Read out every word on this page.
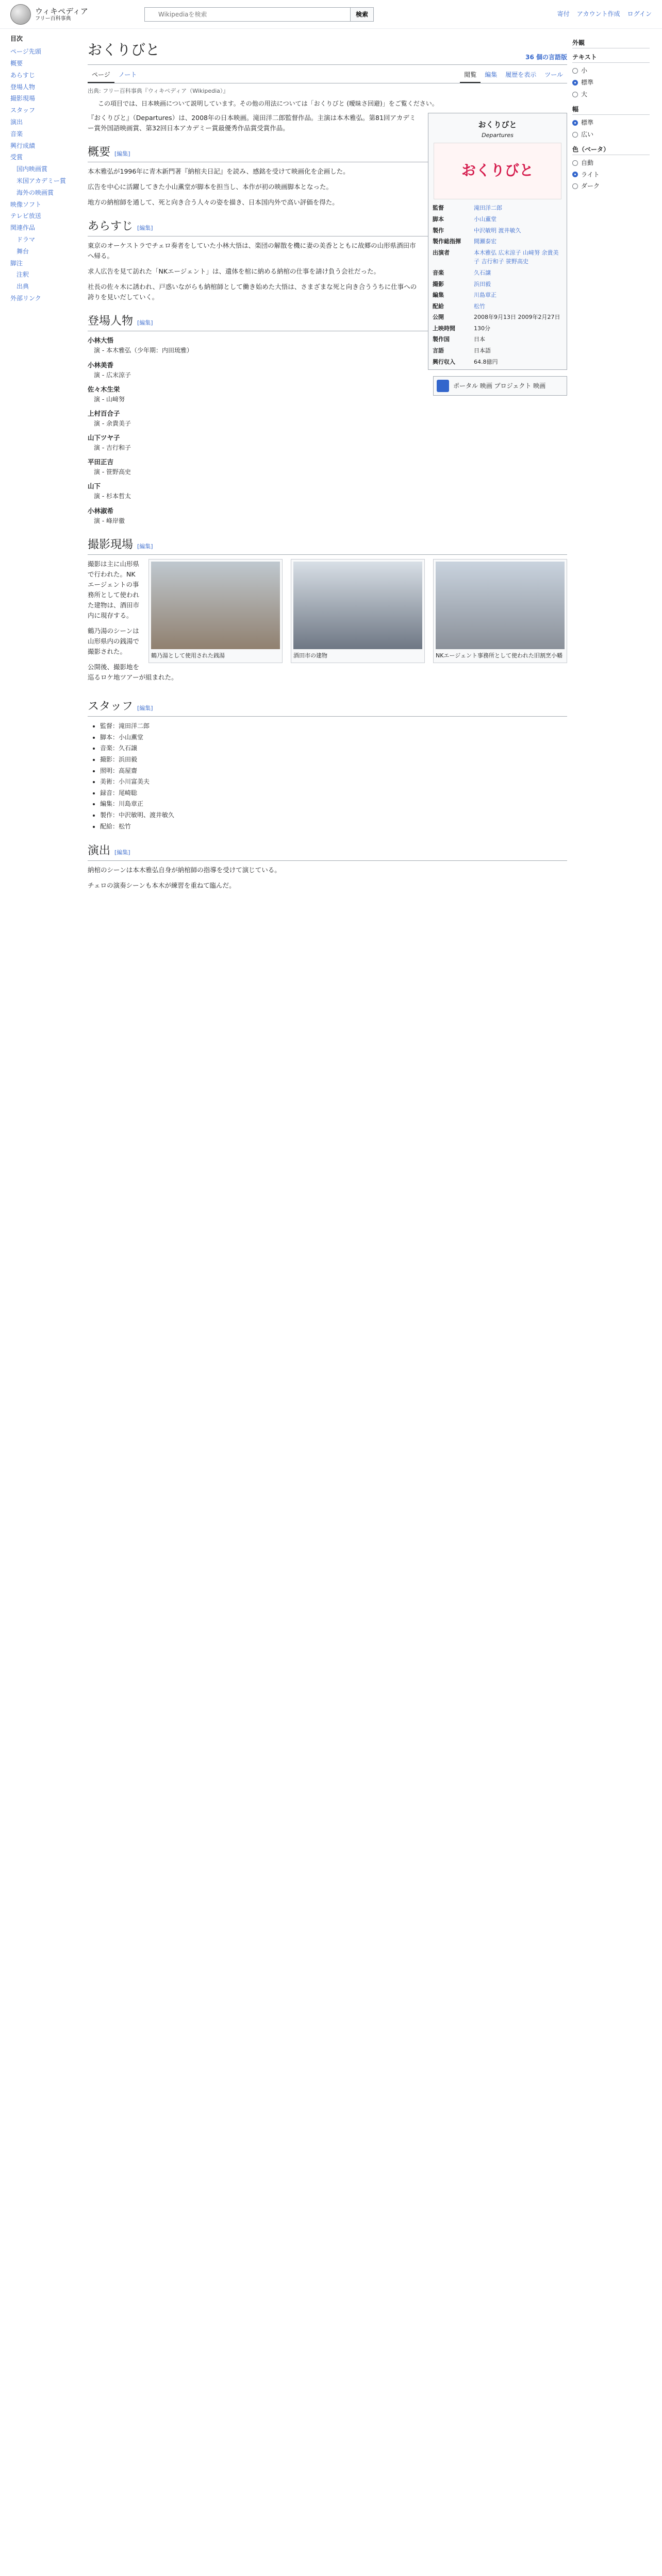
ウィキペディア
フリー百科事典
Wikipediaを検索
検索	寄付 アカウント作成 ログイン
目次
ページ先頭
概要
あらすじ
登場人物
撮影現場
スタッフ
演出
音楽
興行成績
受賞
国内映画賞
米国アカデミー賞
海外の映画賞
映像ソフト
テレビ放送
関連作品
ドラマ
舞台
脚注
注釈
出典
外部リンク
おくりびと	36 個の言語版
ページ	ノート	閲覧	編集	履歴を表示	ツール
出典: フリー百科事典『ウィキペディア（Wikipedia）』
この項目では、日本映画について説明しています。その他の用法については「おくりびと (曖昧さ回避)」をご覧ください。
おくりびと
Departures
おくりびと
監督	滝田洋二郎
脚本	小山薫堂
製作	中沢敏明 渡井敏久
製作総指揮	間瀬泰宏
出演者	本木雅弘 広末涼子 山﨑努 余貴美子 吉行和子 笹野高史
音楽	久石譲
撮影	浜田毅
編集	川島章正
配給	松竹
公開	2008年9月13日 2009年2月27日
上映時間	130分
製作国	日本
言語	日本語
興行収入	64.8億円
ポータル 映画 プロジェクト 映画

『おくりびと』（Departures）は、2008年の日本映画。滝田洋二郎監督作品。主演は本木雅弘。第81回アカデミー賞外国語映画賞、第32回日本アカデミー賞最優秀作品賞受賞作品。

概要 [編集]

本木雅弘が1996年に青木新門著『納棺夫日記』を読み、感銘を受けて映画化を企画した。

広告を中心に活躍してきた小山薫堂が脚本を担当し、本作が初の映画脚本となった。

地方の納棺師を通して、死と向き合う人々の姿を描き、日本国内外で高い評価を得た。

あらすじ [編集]

東京のオーケストラでチェロ奏者をしていた小林大悟は、楽団の解散を機に妻の美香とともに故郷の山形県酒田市へ帰る。

求人広告を見て訪れた「NKエージェント」は、遺体を棺に納める納棺の仕事を請け負う会社だった。

社長の佐々木に誘われ、戸惑いながらも納棺師として働き始めた大悟は、さまざまな死と向き合ううちに仕事への誇りを見いだしていく。

登場人物 [編集]
小林大悟
演 - 本木雅弘（少年期：内田琉雅）
小林美香
演 - 広末涼子
佐々木生栄
演 - 山﨑努
上村百合子
演 - 余貴美子
山下ツヤ子
演 - 吉行和子
平田正吉
演 - 笹野高史
山下
演 - 杉本哲太
小林淑希
演 - 峰岸徹
撮影現場 [編集]
NKエージェント事務所として使われた旧割烹小幡
酒田市の建物
鶴乃湯として使用された銭湯

撮影は主に山形県で行われた。NKエージェントの事務所として使われた建物は、酒田市内に現存する。

鶴乃湯のシーンは山形県内の銭湯で撮影された。

公開後、撮影地を巡るロケ地ツアーが組まれた。

スタッフ [編集]
• 監督：滝田洋二郎
• 脚本：小山薫堂
• 音楽：久石譲
• 撮影：浜田毅
• 照明：高屋齋
• 美術：小川富美夫
• 録音：尾崎聡
• 編集：川島章正
• 製作：中沢敏明、渡井敏久
• 配給：松竹
演出 [編集]

納棺のシーンは本木雅弘自身が納棺師の指導を受けて演じている。

チェロの演奏シーンも本木が練習を重ねて臨んだ。

外観
テキスト
小
標準
大
幅
標準
広い
色（ベータ）
自動
ライト
ダーク
